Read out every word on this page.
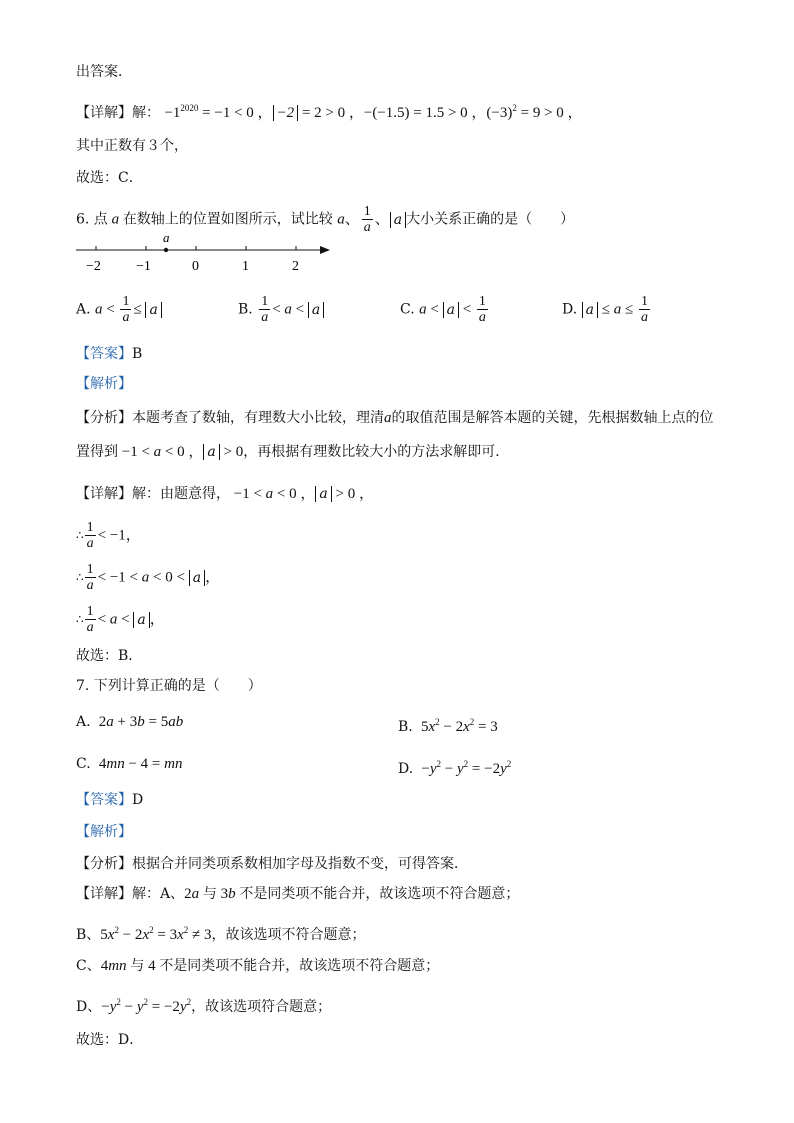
出答案．
【详解】解： $-1^{2020} = -1 < 0$ ， −2 = 2 > 0 ，−(−1.5) = 1.5 > 0 ，$(-3)^2 = 9 > 0$ ，
其中正数有３个，
故选：C．
6. 点 a 在数轴上的位置如图所示，试比较 a、 $\frac{1}{a}$ 、 a 大小关系正确的是（　　）
a
−2	−1	0	1	2
A. $a < \frac{1}{a} \le a$	B. $\frac{1}{a} < a < a$	C. $a < a < \frac{1}{a}$	D. $a \le a \le \frac{1}{a}$
【答案】B
【解析】
【分析】本题考查了数轴，有理数大小比较，理清a的取值范围是解答本题的关键，先根据数轴上点的位
置得到 −1 < a < 0 ， a > 0，再根据有理数比较大小的方法求解即可．
【详解】解：由题意得， −1 < a < 0 ， a > 0 ，
∴ $\frac{1}{a} < -1$，
∴ $\frac{1}{a} < -1 < a < 0 < a$ ，
∴ $\frac{1}{a} < a < a$ ，
故选：B．
7. 下列计算正确的是（　　）
A.  2a + 3b = 5ab	B.  $5x^2 - 2x^2 = 3$
C.  4mn − 4 = mn	D.  $-y^2 - y^2 = -2y^2$
【答案】D
【解析】
【分析】根据合并同类项系数相加字母及指数不变，可得答案．
【详解】解：A、2a 与 3b 不是同类项不能合并，故该选项不符合题意；
B、$5x^2 - 2x^2 = 3x^2 \ne 3$，故该选项不符合题意；
C、4mn 与 4 不是同类项不能合并，故该选项不符合题意；
D、$-y^2 - y^2 = -2y^2$，故该选项符合题意；
故选：D．
